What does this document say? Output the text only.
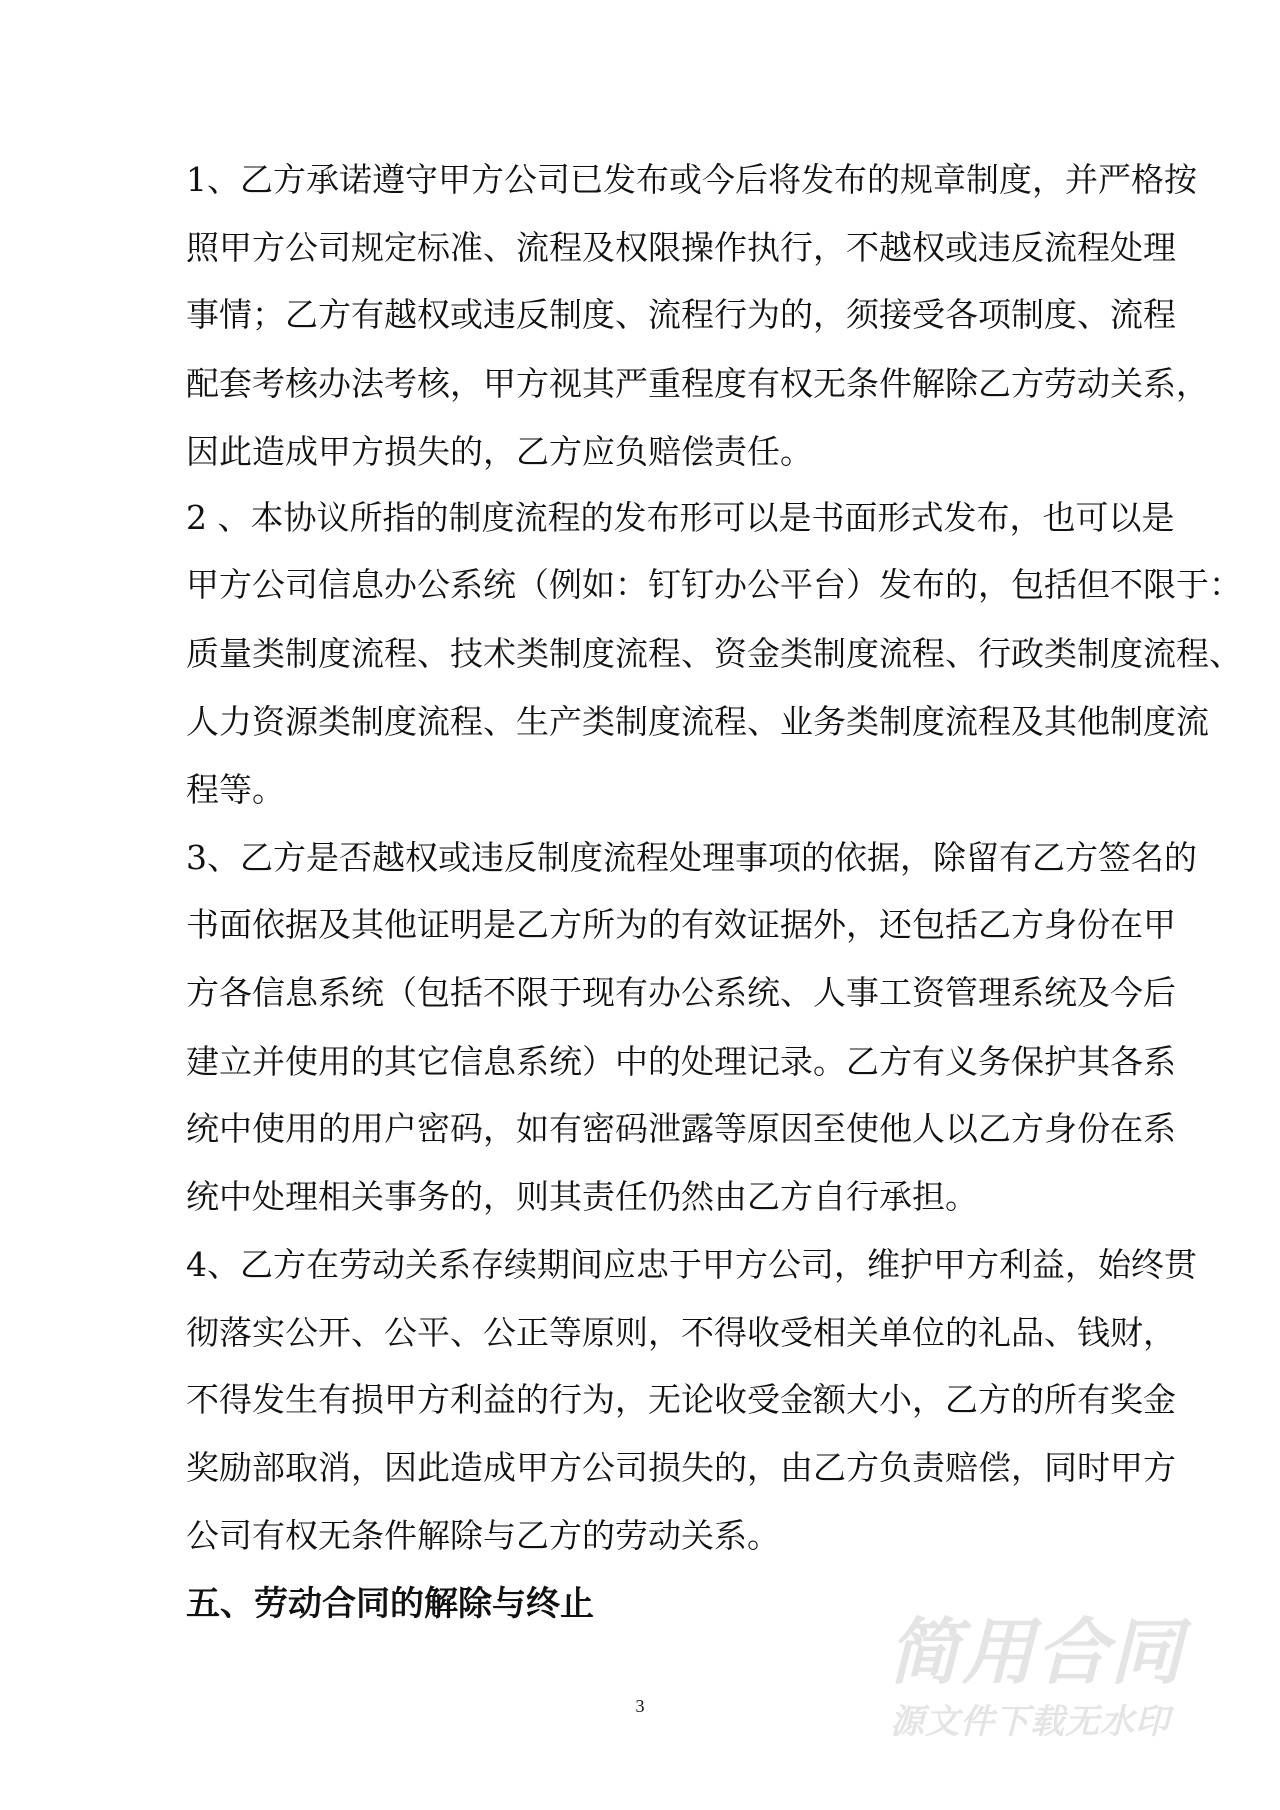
1、乙方承诺遵守甲方公司已发布或今后将发布的规章制度，并严格按
照甲方公司规定标准、流程及权限操作执行，不越权或违反流程处理
事情；乙方有越权或违反制度、流程行为的，须接受各项制度、流程
配套考核办法考核，甲方视其严重程度有权无条件解除乙方劳动关系，
因此造成甲方损失的，乙方应负赔偿责任。
2 、本协议所指的制度流程的发布形可以是书面形式发布，也可以是
甲方公司信息办公系统（例如：钉钉办公平台）发布的，包括但不限于：
质量类制度流程、技术类制度流程、资金类制度流程、行政类制度流程、
人力资源类制度流程、生产类制度流程、业务类制度流程及其他制度流
程等。
3、乙方是否越权或违反制度流程处理事项的依据，除留有乙方签名的
书面依据及其他证明是乙方所为的有效证据外，还包括乙方身份在甲
方各信息系统（包括不限于现有办公系统、人事工资管理系统及今后
建立并使用的其它信息系统）中的处理记录。乙方有义务保护其各系
统中使用的用户密码，如有密码泄露等原因至使他人以乙方身份在系
统中处理相关事务的，则其责任仍然由乙方自行承担。
4、乙方在劳动关系存续期间应忠于甲方公司，维护甲方利益，始终贯
彻落实公开、公平、公正等原则，不得收受相关单位的礼品、钱财，
不得发生有损甲方利益的行为，无论收受金额大小，乙方的所有奖金
奖励部取消，因此造成甲方公司损失的，由乙方负责赔偿，同时甲方
公司有权无条件解除与乙方的劳动关系。
五、劳动合同的解除与终止
3
简用合同
源文件下载无水印
